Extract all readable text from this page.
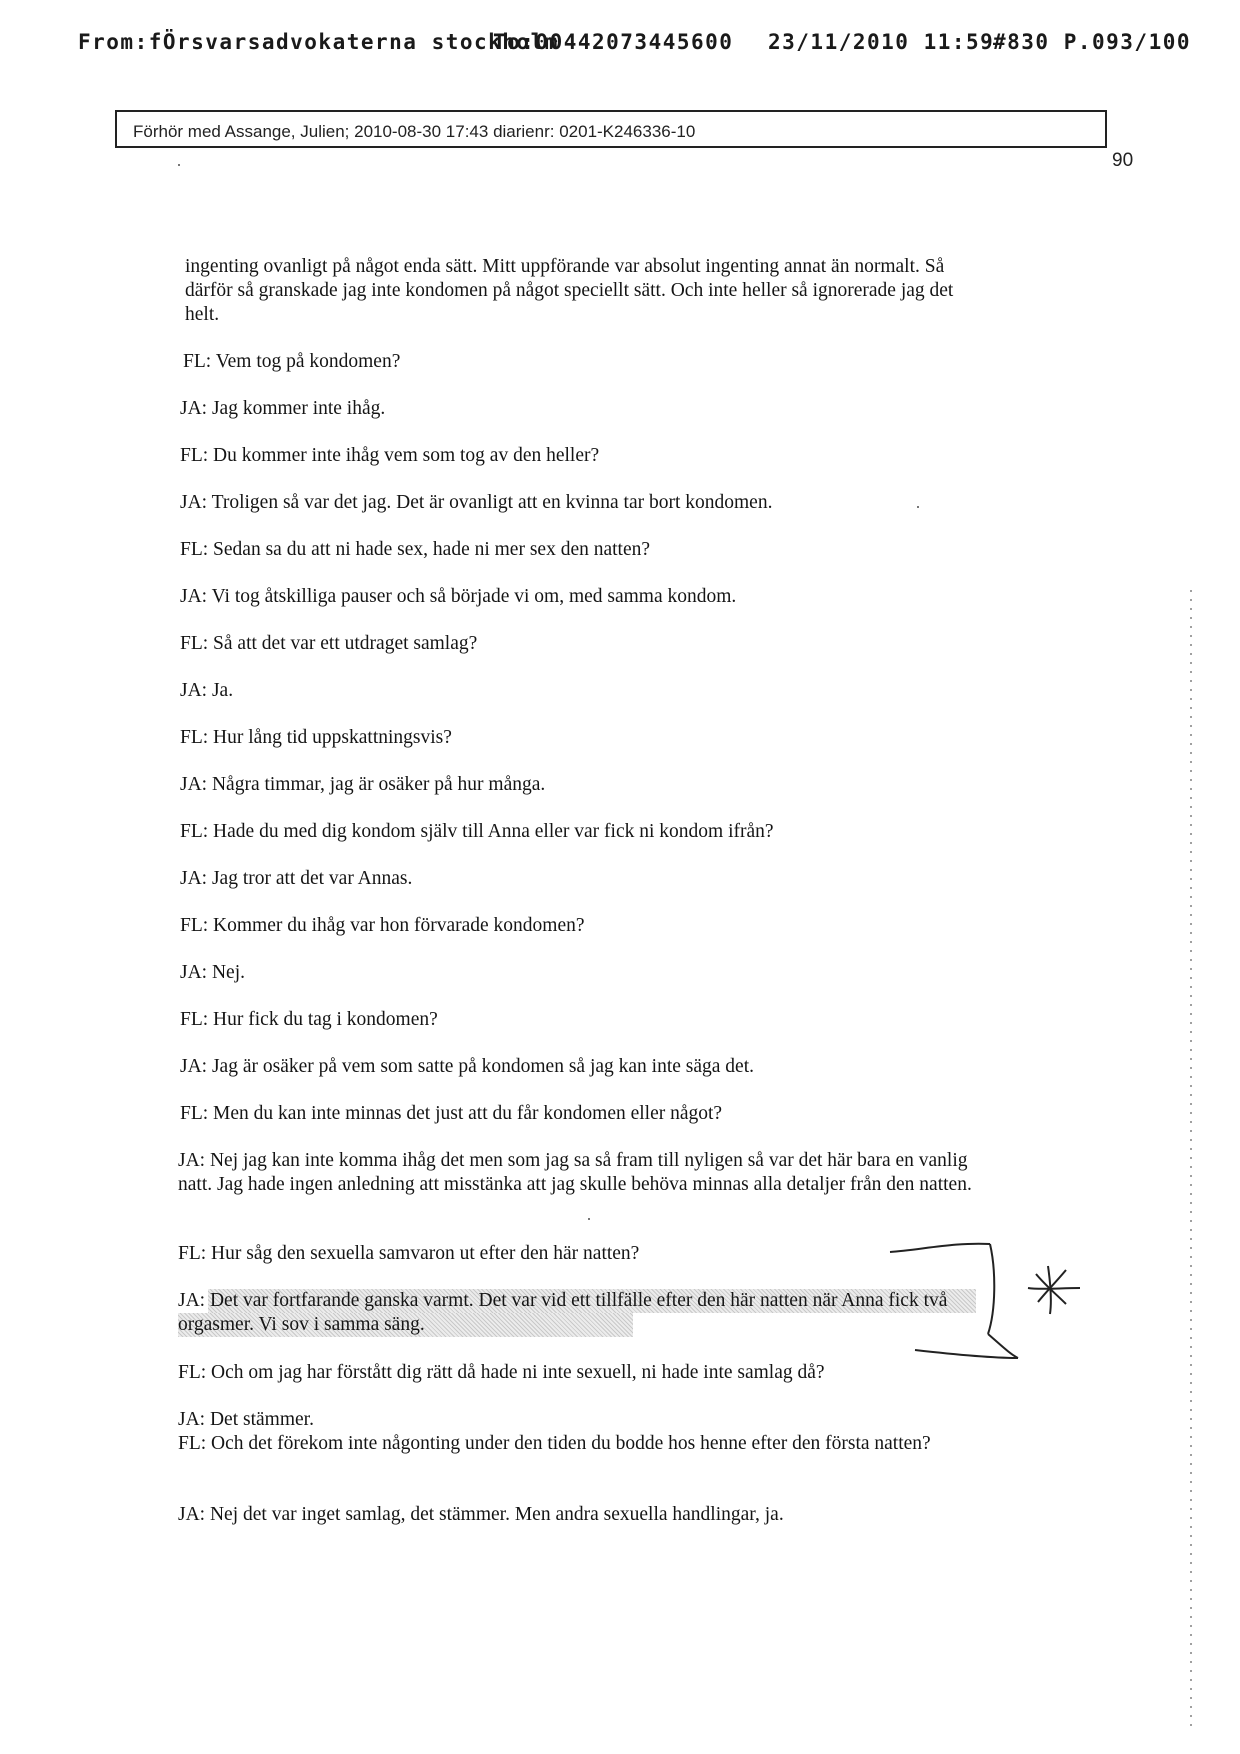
From:fÖrsvarsadvokaterna stockholm
To:00442073445600 23/11/2010 11:59
#830 P.093/100
Förhör med Assange, Julien; 2010-08-30 17:43 diarienr: 0201-K246336-10
90

ingenting ovanligt på något enda sätt. Mitt uppförande var absolut ingenting annat än normalt. Så därför så granskade jag inte kondomen på något speciellt sätt. Och inte heller så ignorerade jag det helt.

FL: Vem tog på kondomen?

JA: Jag kommer inte ihåg.

FL: Du kommer inte ihåg vem som tog av den heller?

JA: Troligen så var det jag. Det är ovanligt att en kvinna tar bort kondomen.

FL: Sedan sa du att ni hade sex, hade ni mer sex den natten?

JA: Vi tog åtskilliga pauser och så började vi om, med samma kondom.

FL: Så att det var ett utdraget samlag?

JA: Ja.

FL: Hur lång tid uppskattningsvis?

JA: Några timmar, jag är osäker på hur många.

FL: Hade du med dig kondom själv till Anna eller var fick ni kondom ifrån?

JA: Jag tror att det var Annas.

FL: Kommer du ihåg var hon förvarade kondomen?

JA: Nej.

FL: Hur fick du tag i kondomen?

JA: Jag är osäker på vem som satte på kondomen så jag kan inte säga det.

FL: Men du kan inte minnas det just att du får kondomen eller något?

JA: Nej jag kan inte komma ihåg det men som jag sa så fram till nyligen så var det här bara en vanlig natt. Jag hade ingen anledning att misstänka att jag skulle behöva minnas alla detaljer från den natten.

FL: Hur såg den sexuella samvaron ut efter den här natten?

JA: Det var fortfarande ganska varmt. Det var vid ett tillfälle efter den här natten när Anna fick två orgasmer. Vi sov i samma säng.

FL: Och om jag har förstått dig rätt då hade ni inte sexuell, ni hade inte samlag då?

JA: Det stämmer.

FL: Och det förekom inte någonting under den tiden du bodde hos henne efter den första natten?

JA: Nej det var inget samlag, det stämmer. Men andra sexuella handlingar, ja.
